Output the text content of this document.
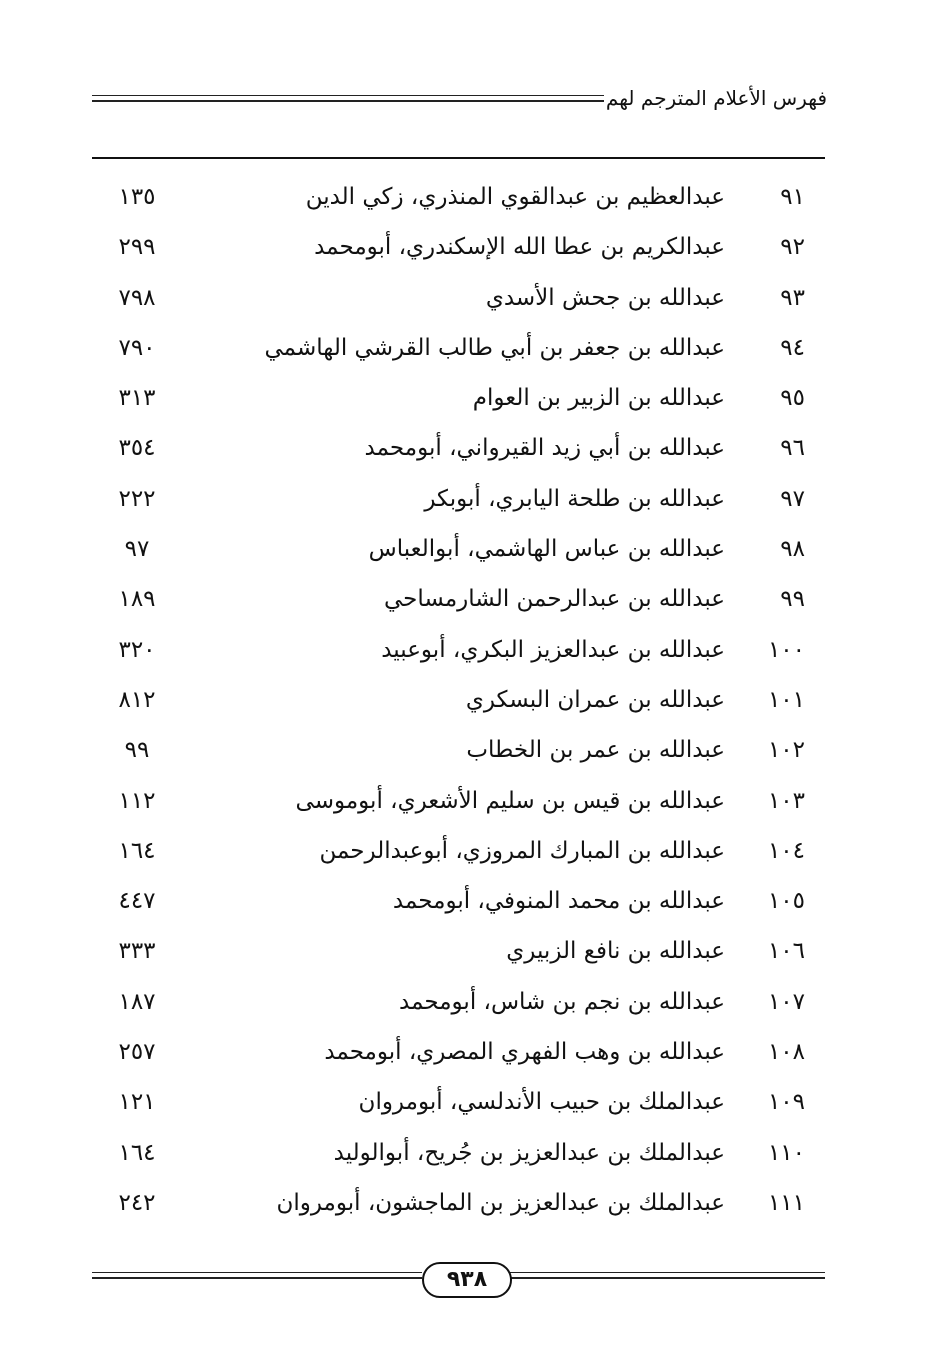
فهرس الأعلام المترجم لهم
٩١
عبدالعظيم بن عبدالقوي المنذري، زكي الدين
١٣٥
٩٢
عبدالكريم بن عطا الله الإسكندري، أبومحمد
٢٩٩
٩٣
عبدالله بن جحش الأسدي
٧٩٨
٩٤
عبدالله بن جعفر بن أبي طالب القرشي الهاشمي
٧٩٠
٩٥
عبدالله بن الزبير بن العوام
٣١٣
٩٦
عبدالله بن أبي زيد القيرواني، أبومحمد
٣٥٤
٩٧
عبدالله بن طلحة اليابري، أبوبكر
٢٢٢
٩٨
عبدالله بن عباس الهاشمي، أبوالعباس
٩٧
٩٩
عبدالله بن عبدالرحمن الشارمساحي
١٨٩
١٠٠
عبدالله بن عبدالعزيز البكري، أبوعبيد
٣٢٠
١٠١
عبدالله بن عمران البسكري
٨١٢
١٠٢
عبدالله بن عمر بن الخطاب
٩٩
١٠٣
عبدالله بن قيس بن سليم الأشعري، أبوموسى
١١٢
١٠٤
عبدالله بن المبارك المروزي، أبوعبدالرحمن
١٦٤
١٠٥
عبدالله بن محمد المنوفي، أبومحمد
٤٤٧
١٠٦
عبدالله بن نافع الزبيري
٣٣٣
١٠٧
عبدالله بن نجم بن شاس، أبومحمد
١٨٧
١٠٨
عبدالله بن وهب الفهري المصري، أبومحمد
٢٥٧
١٠٩
عبدالملك بن حبيب الأندلسي، أبومروان
١٢١
١١٠
عبدالملك بن عبدالعزيز بن جُريح، أبوالوليد
١٦٤
١١١
عبدالملك بن عبدالعزيز بن الماجشون، أبومروان
٢٤٢
٩٣٨
